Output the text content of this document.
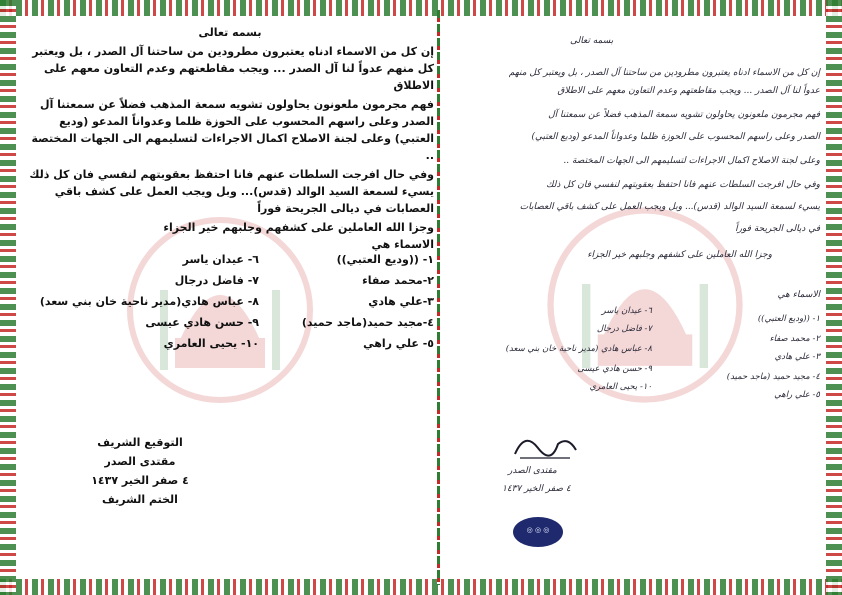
بسمه تعالى

إن كل من الاسماء ادناه يعتبرون مطرودين من ساحتنا آل الصدر ، بل ويعتبر كل منهم عدواً لنا آل الصدر ... ويجب مقاطعتهم وعدم التعاون معهم على الاطلاق

فهم مجرمون ملعونون يحاولون تشويه سمعة المذهب فضلاً عن سمعتنا آل الصدر وعلى راسهم المحسوب على الحوزة ظلما وعدواناً المدعو (وديع العتبي) وعلى لجنة الاصلاح اكمال الاجراءات لتسليمهم الى الجهات المختصة ..

وفي حال افرجت السلطات عنهم فانا احتفظ بعقوبتهم لنفسي فان كل ذلك يسيء لسمعة السيد الوالد (قدس)... وبل ويجب العمل على كشف باقي العصابات في ديالى الجريحة فوراً

وجزا الله العاملين على كشفهم وجلبهم خير الجزاء

الاسماء هي
١- ((وديع العتبي))
٦- عيدان ياسر
٢-محمد صفاء
٧- فاضل درجال
٣-علي هادي
٨- عباس هادي(مدير ناحية خان بني سعد)
٤-مجيد حميد(ماجد حميد)
٩- حسن هادي عيسى
٥- علي راهي
١٠- يحيى العامري
التوقيع الشريف
مقتدى الصدر
٤ صفر الخير ١٤٣٧
الختم الشريف
بسمه تعالى
إن كل من الاسماء ادناه يعتبرون مطرودين من ساحتنا آل الصدر ، بل ويعتبر كل منهم
عدواً لنا آل الصدر ... ويجب مقاطعتهم وعدم التعاون معهم على الاطلاق
فهم مجرمون ملعونون يحاولون تشويه سمعة المذهب فضلاً عن سمعتنا آل
الصدر وعلى راسهم المحسوب على الحوزة ظلما وعدواناً المدعو (وديع العتبي)
وعلى لجنة الاصلاح اكمال الاجراءات لتسليمهم الى الجهات المختصة ..
وفي حال افرجت السلطات عنهم فانا احتفظ بعقوبتهم لنفسي فان كل ذلك
يسيء لسمعة السيد الوالد (قدس)... وبل ويجب العمل على كشف باقي العصابات
في ديالى الجريحة فوراً
وجزا الله العاملين على كشفهم وجلبهم خير الجزاء
الاسماء هي
١- ((وديع العتبي))
٢- محمد صفاء
٣- علي هادي
٤- مجيد حميد (ماجد حميد)
٥- علي راهي
٦- عيدان ياسر
٧- فاضل درجال
٨- عباس هادي (مدير ناحية خان بني سعد)
٩- حسن هادي عيسى
١٠- يحيى العامري
مقتدى الصدر
٤ صفر الخير ١٤٣٧
◎ ◎ ◎
